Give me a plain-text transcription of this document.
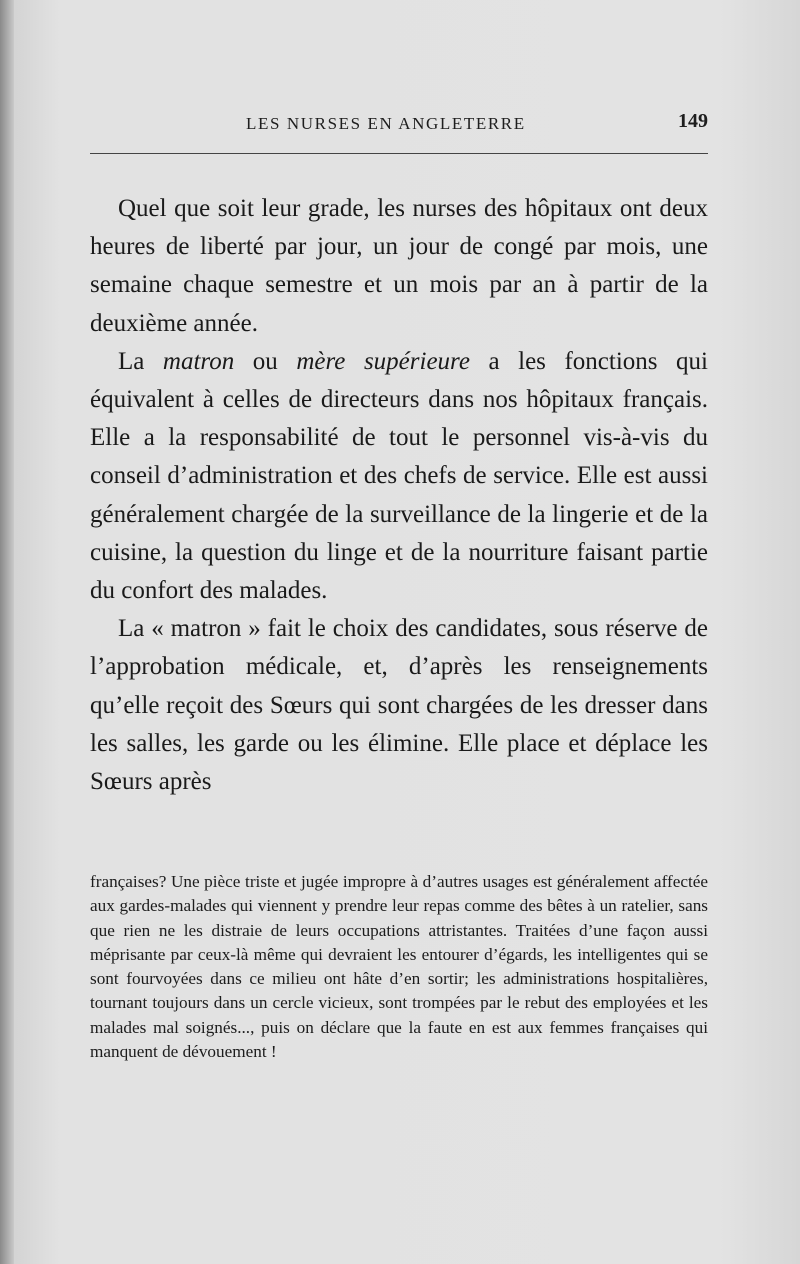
LES NURSES EN ANGLETERRE	149

Quel que soit leur grade, les nurses des hôpitaux ont deux heures de liberté par jour, un jour de congé par mois, une semaine chaque semestre et un mois par an à partir de la deuxième année.

La matron ou mère supérieure a les fonctions qui équivalent à celles de directeurs dans nos hôpitaux français. Elle a la responsabilité de tout le personnel vis-à-vis du conseil d’administration et des chefs de service. Elle est aussi généralement chargée de la surveillance de la lingerie et de la cuisine, la question du linge et de la nourriture faisant partie du confort des malades.

La « matron » fait le choix des candidates, sous réserve de l’approbation médicale, et, d’après les renseignements qu’elle reçoit des Sœurs qui sont chargées de les dresser dans les salles, les garde ou les élimine. Elle place et déplace les Sœurs après

françaises? Une pièce triste et jugée impropre à d’autres usages est généralement affectée aux gardes-malades qui viennent y prendre leur repas comme des bêtes à un ratelier, sans que rien ne les distraie de leurs occupations attristantes. Traitées d’une façon aussi méprisante par ceux-là même qui devraient les entourer d’égards, les intelligentes qui se sont fourvoyées dans ce milieu ont hâte d’en sortir; les administrations hospitalières, tournant toujours dans un cercle vicieux, sont trompées par le rebut des employées et les malades mal soignés..., puis on déclare que la faute en est aux femmes françaises qui manquent de dévouement !
